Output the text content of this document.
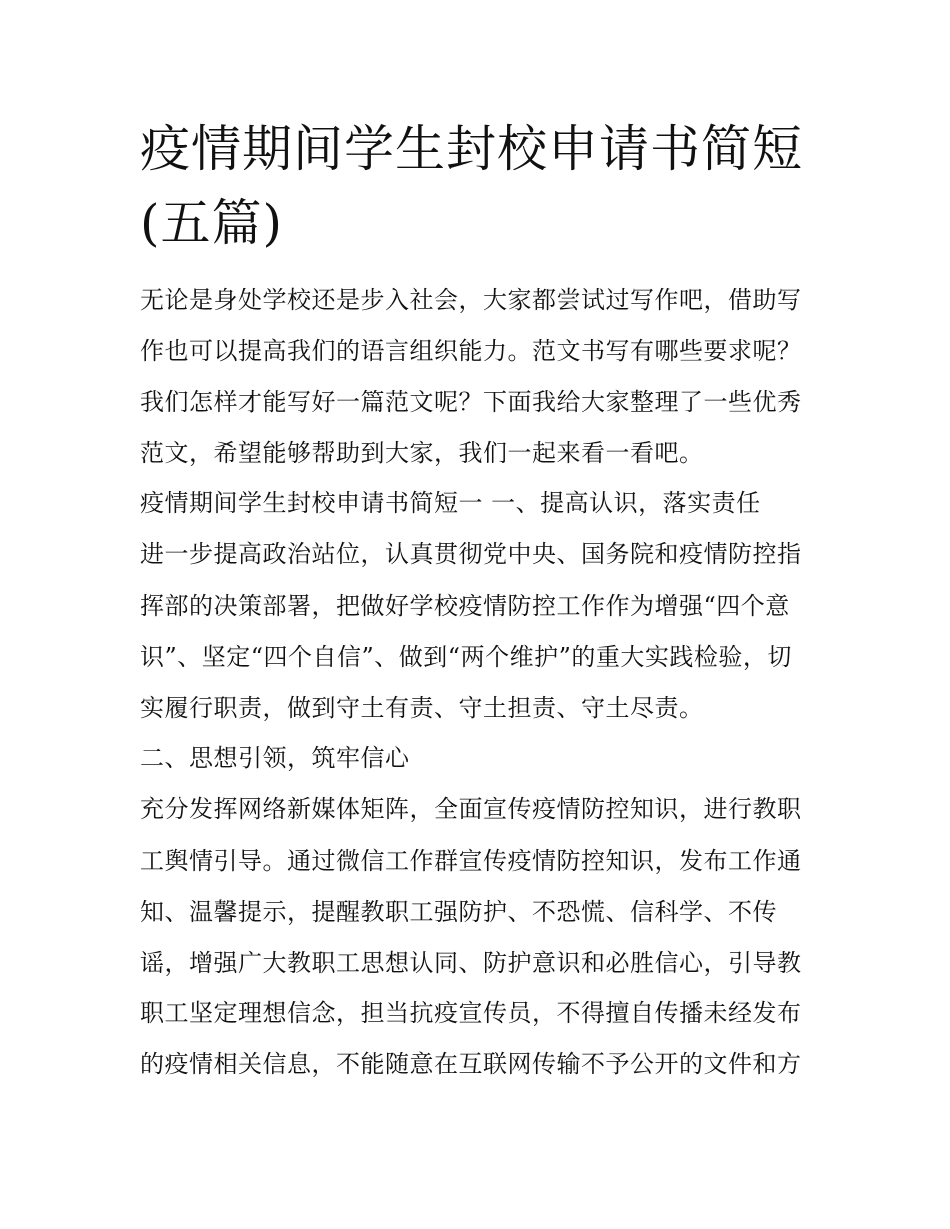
疫情期间学生封校申请书简短
(五篇)
无论是身处学校还是步入社会，大家都尝试过写作吧，借助写
作也可以提高我们的语言组织能力。范文书写有哪些要求呢？
我们怎样才能写好一篇范文呢？下面我给大家整理了一些优秀
范文，希望能够帮助到大家，我们一起来看一看吧。
疫情期间学生封校申请书简短一 一、提高认识，落实责任
进一步提高政治站位，认真贯彻党中央、国务院和疫情防控指
挥部的决策部署，把做好学校疫情防控工作作为增强“四个意
识”、坚定“四个自信”、做到“两个维护”的重大实践检验，切
实履行职责，做到守土有责、守土担责、守土尽责。
二、思想引领，筑牢信心
充分发挥网络新媒体矩阵，全面宣传疫情防控知识，进行教职
工舆情引导。通过微信工作群宣传疫情防控知识，发布工作通
知、温馨提示，提醒教职工强防护、不恐慌、信科学、不传
谣，增强广大教职工思想认同、防护意识和必胜信心，引导教
职工坚定理想信念，担当抗疫宣传员，不得擅自传播未经发布
的疫情相关信息，不能随意在互联网传输不予公开的文件和方
